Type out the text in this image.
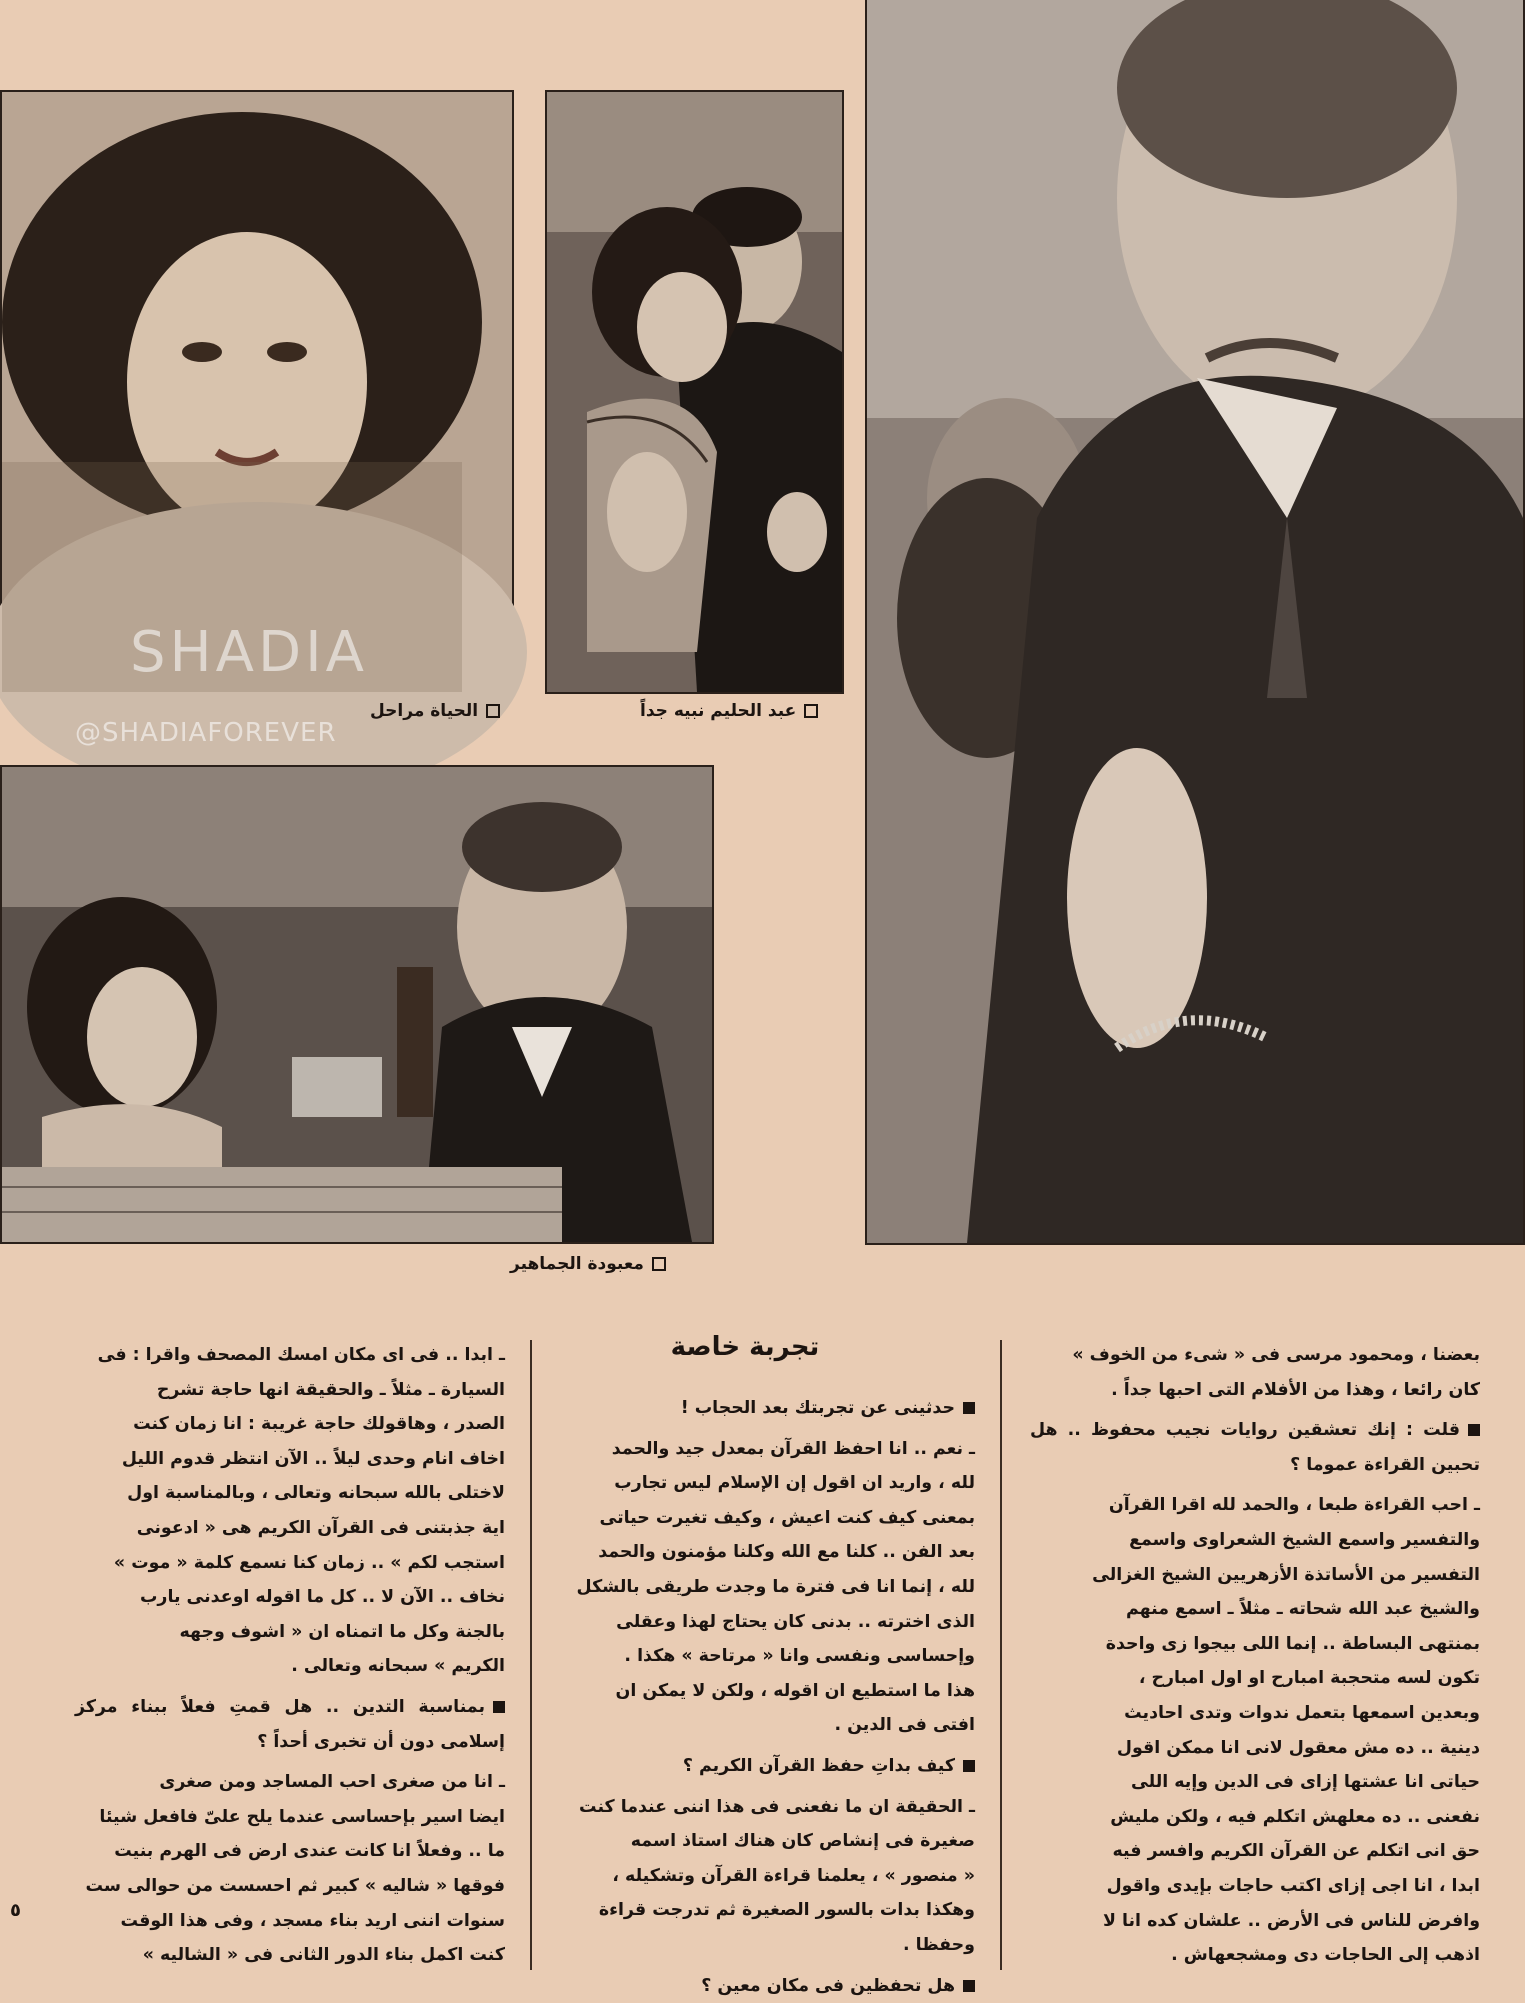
SHADIA
@SHADIAFOREVER
الحياة مراحل	عبد الحليم نبيه جداً
معبودة الجماهير
تجربة خاصة	بعضنا ، ومحمود مرسى فى « شىء من الخوف »
كان رائعا ، وهذا من الأفلام التى احبها جداً .

قلت : إنك تعشقين روايات نجيب محفوظ .. هل تحبين القراءة عموما ؟

ـ احب القراءة طبعا ، والحمد لله اقرا القرآن
والتفسير واسمع الشيخ الشعراوى واسمع
التفسير من الأساتذة الأزهريين الشيخ الغزالى
والشيخ عبد الله شحاته ـ مثلاً ـ اسمع منهم
بمنتهى البساطة .. إنما اللى بيجوا زى واحدة
تكون لسه متحجبة امبارح او اول امبارح ،
وبعدين اسمعها بتعمل ندوات وتدى احاديث
دينية .. ده مش معقول لانى انا ممكن اقول
حياتى انا عشتها إزاى فى الدين وإيه اللى
نفعنى .. ده معلهش اتكلم فيه ، ولكن مليش
حق انى اتكلم عن القرآن الكريم وافسر فيه
ابدا ، انا اجى إزاى اكتب حاجات بإيدى واقول
وافرض للناس فى الأرض .. علشان كده انا لا
اذهب إلى الحاجات دى ومشجعهاش .

حدثينى عن تجربتك بعد الحجاب !

ـ نعم .. انا احفظ القرآن بمعدل جيد والحمد
لله ، واريد ان اقول إن الإسلام ليس تجارب
بمعنى كيف كنت اعيش ، وكيف تغيرت حياتى
بعد الفن .. كلنا مع الله وكلنا مؤمنون والحمد
لله ، إنما انا فى فترة ما وجدت طريقى بالشكل
الذى اخترته .. بدنى كان يحتاج لهذا وعقلى
وإحساسى ونفسى وانا « مرتاحة » هكذا .
هذا ما استطيع ان اقوله ، ولكن لا يمكن ان
افتى فى الدين .

كيف بداتِ حفظ القرآن الكريم ؟

ـ الحقيقة ان ما نفعنى فى هذا اننى عندما كنت
صغيرة فى إنشاص كان هناك استاذ اسمه
« منصور » ، يعلمنا قراءة القرآن وتشكيله ،
وهكذا بدات بالسور الصغيرة ثم تدرجت قراءة
وحفظا .

هل تحفظين فى مكان معين ؟

ـ ابدا .. فى اى مكان امسك المصحف واقرا : فى
السيارة ـ مثلاً ـ والحقيقة انها حاجة تشرح
الصدر ، وهاقولك حاجة غريبة : انا زمان كنت
اخاف انام وحدى ليلاً .. الآن انتظر قدوم الليل
لاختلى بالله سبحانه وتعالى ، وبالمناسبة اول
اية جذبتنى فى القرآن الكريم هى « ادعونى
استجب لكم » .. زمان كنا نسمع كلمة « موت »
نخاف .. الآن لا .. كل ما اقوله اوعدنى يارب
بالجنة وكل ما اتمناه ان « اشوف وجهه
الكريم » سبحانه وتعالى .

بمناسبة التدين .. هل قمتِ فعلاً ببناء مركز إسلامى دون أن تخبرى أحداً ؟

ـ انا من صغرى احب المساجد ومن صغرى
ايضا اسير بإحساسى عندما يلح علىّ فافعل شيئا
ما .. وفعلاً انا كانت عندى ارض فى الهرم بنيت
فوقها « شاليه » كبير ثم احسست من حوالى ست
سنوات اننى اريد بناء مسجد ، وفى هذا الوقت
كنت اكمل بناء الدور الثانى فى « الشاليه »

٥
